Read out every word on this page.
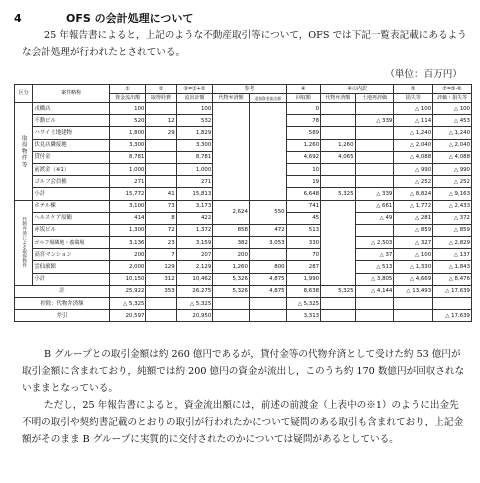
4	OFS の会計処理について
25 年報告書によると，上記のような不動産取引等について，OFS では下記一覧表記載にあるような会計処理が行われたとされている。
（単位：百万円）
区分	案件略称	①	②	③=①+②	参考		④	④の内訳		⑤	⑦=⑤-⑥
		資金流出額	取得経費	流出計額	代物弁済額	追加資金流出額	回収額	代物弁済額	土地再評価	損失等	評価・損失等
取得物件等	戎橋店	100		100			0			△ 100	△ 100
	不動ビル	520	12	532			78		△ 339	△ 114	△ 453
	ハワイ土地建物	1,800	29	1,829			589			△ 1,240	△ 1,240
	伏見店隣接地	3,300		3,300			1,260	1,260		△ 2,040	△ 2,040
	貸付金	8,781		8,781			4,692	4,065		△ 4,088	△ 4,088
	前渡金（※1）	1,000		1,000			10			△ 990	△ 990
	ゴルフ会員権	271		271			19			△ 252	△ 252
	小計	15,772	41	15,813			6,648	5,325	△ 339	△ 8,824	△ 9,163
代物弁済による取得物件	ホテル棟	3,100	73	3,173	2,624	550	741		△ 661	△ 1,772	△ 2,433
	ヘルスケア原鶴	414	8	422			45		△ 49	△ 281	△ 372
	赤坂ビル	1,300	72	1,372	858	472	513			△ 859	△ 859
	ゴルフ場隣地・養鶏場	3,136	23	3,159	382	3,053	330		△ 2,503	△ 327	△ 2,829
	高宮マンション	200	7	207	200		70		△ 37	△ 100	△ 137
	雲仙旅館	2,000	129	2,129	1,260	800	287		△ 513	△ 1,330	△ 1,843
	小計	10,150	312	10,462	5,326	4,875	1,990		△ 3,805	△ 4,669	△ 8,476
計		25,922	353	26,275	5,326	4,875	8,638	5,325	△ 4,144	△ 13,493	△ 17,639
控除：代物弁済額		△ 5,325		△ 5,325			△ 5,325				
差引		20,597		20,950			3,313				△ 17,639
B グループとの取引金額は約 260 億円であるが，貸付金等の代物弁済として受けた約 53 億円が取引金額に含まれており，純額では約 200 億円の資金が流出し，このうち約 170 数億円が回収されないままとなっている。
ただし，25 年報告書によると，資金流出額には，前述の前渡金（上表中の※1）のように出金先不明の取引や契約書記載のとおりの取引が行われたかについて疑問のある取引も含まれており，上記金額がそのまま B グループに実質的に交付されたのかについては疑問があるとしている。
